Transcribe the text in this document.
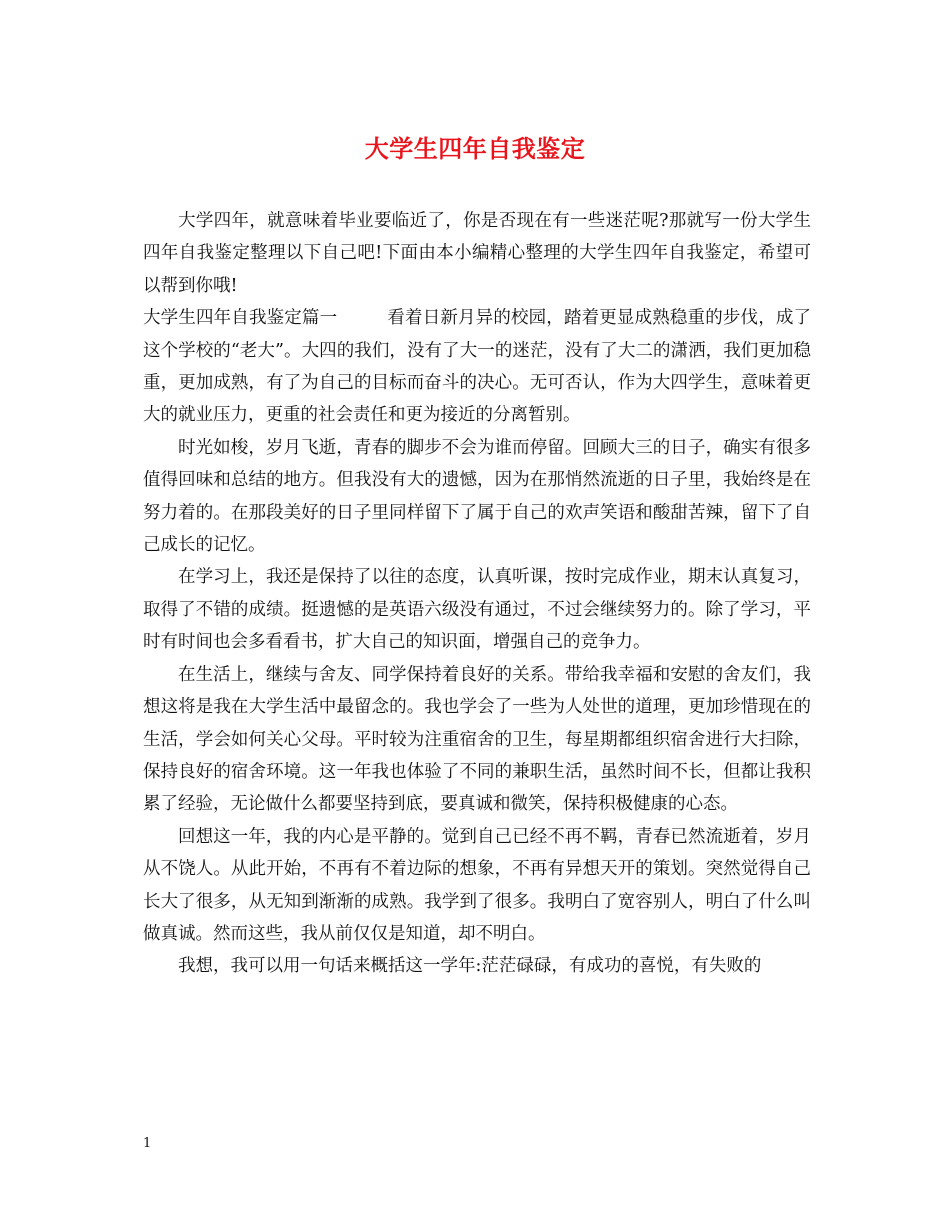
大学生四年自我鉴定

大学四年，就意味着毕业要临近了，你是否现在有一些迷茫呢?那就写一份大学生四年自我鉴定整理以下自己吧!下面由本小编精心整理的大学生四年自我鉴定，希望可以帮到你哦!

大学生四年自我鉴定篇一	看着日新月异的校园，踏着更显成熟稳重的步伐，成了这个学校的“老大”。大四的我们，没有了大一的迷茫，没有了大二的潇洒，我们更加稳重，更加成熟，有了为自己的目标而奋斗的决心。无可否认，作为大四学生，意味着更大的就业压力，更重的社会责任和更为接近的分离暂别。

时光如梭，岁月飞逝，青春的脚步不会为谁而停留。回顾大三的日子，确实有很多值得回味和总结的地方。但我没有大的遗憾，因为在那悄然流逝的日子里，我始终是在努力着的。在那段美好的日子里同样留下了属于自己的欢声笑语和酸甜苦辣，留下了自己成长的记忆。

在学习上，我还是保持了以往的态度，认真听课，按时完成作业，期末认真复习，取得了不错的成绩。挺遗憾的是英语六级没有通过，不过会继续努力的。除了学习，平时有时间也会多看看书，扩大自己的知识面，增强自己的竞争力。

在生活上，继续与舍友、同学保持着良好的关系。带给我幸福和安慰的舍友们，我想这将是我在大学生活中最留念的。我也学会了一些为人处世的道理，更加珍惜现在的生活，学会如何关心父母。平时较为注重宿舍的卫生，每星期都组织宿舍进行大扫除，保持良好的宿舍环境。这一年我也体验了不同的兼职生活，虽然时间不长，但都让我积累了经验，无论做什么都要坚持到底，要真诚和微笑，保持积极健康的心态。

回想这一年，我的内心是平静的。觉到自己已经不再不羁，青春已然流逝着，岁月从不饶人。从此开始，不再有不着边际的想象，不再有异想天开的策划。突然觉得自己长大了很多，从无知到渐渐的成熟。我学到了很多。我明白了宽容别人，明白了什么叫做真诚。然而这些，我从前仅仅是知道，却不明白。

我想，我可以用一句话来概括这一学年:茫茫碌碌，有成功的喜悦，有失败的

1
